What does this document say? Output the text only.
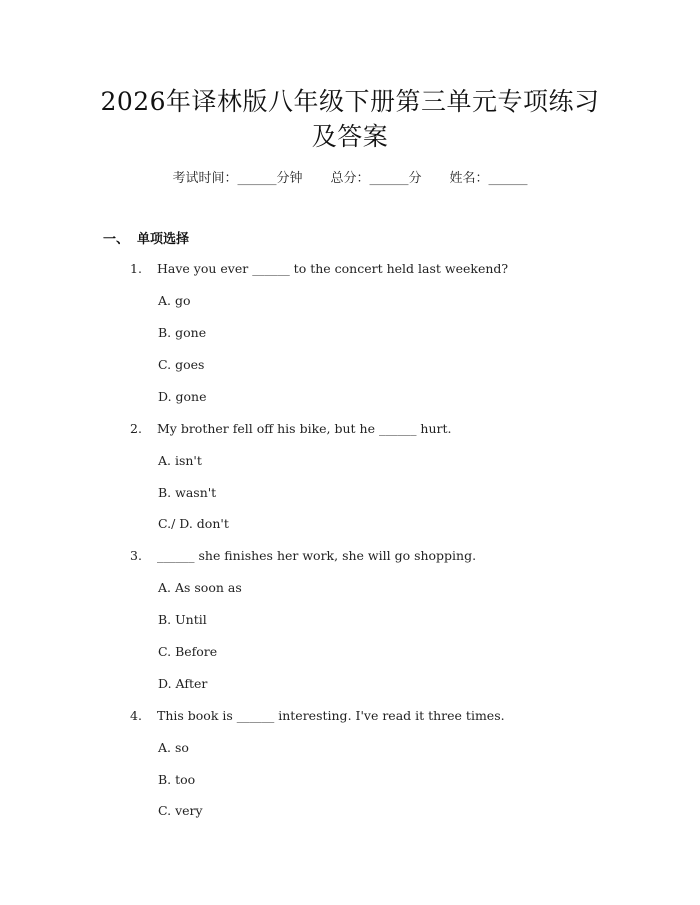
2026年译林版八年级下册第三单元专项练习
及答案
考试时间：______分钟 总分：______分 姓名：______
一、 单项选择
1. Have you ever ______ to the concert held last weekend?
A. go
B. gone
C. goes
D. gone
2. My brother fell off his bike, but he ______ hurt.
A. isn't
B. wasn't
C./ D. don't
3. ______ she finishes her work, she will go shopping.
A. As soon as
B. Until
C. Before
D. After
4. This book is ______ interesting. I've read it three times.
A. so
B. too
C. very
